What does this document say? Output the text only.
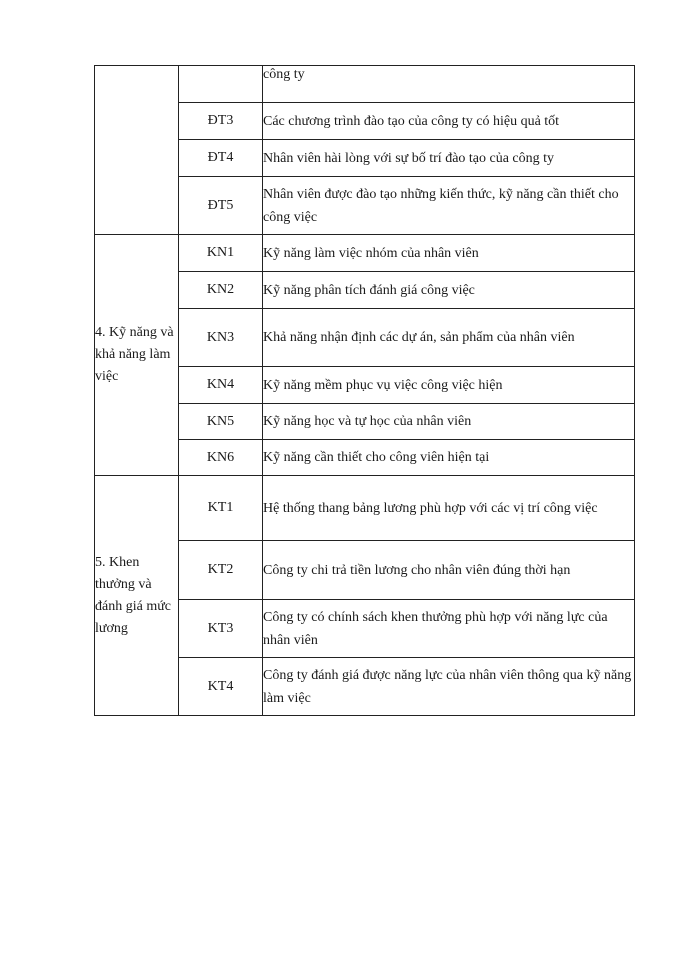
		công ty
	ĐT3	Các chương trình đào tạo của công ty có hiệu quả tốt
	ĐT4	Nhân viên hài lòng với sự bố trí đào tạo của công ty
	ĐT5	Nhân viên được đào tạo những kiến thức, kỹ năng cần thiết cho công việc
4. Kỹ năng và khả năng làm việc	KN1	Kỹ năng làm việc nhóm của nhân viên
	KN2	Kỹ năng phân tích đánh giá công việc
	KN3	Khả năng nhận định các dự án, sản phẩm của nhân viên
	KN4	Kỹ năng mềm phục vụ việc công việc hiện
	KN5	Kỹ năng học và tự học của nhân viên
	KN6	Kỹ năng cần thiết cho công viên hiện tại
5. Khen thưởng và đánh giá mức lương	KT1	Hệ thống thang bảng lương phù hợp với các vị trí công việc
	KT2	Công ty chi trả tiền lương cho nhân viên đúng thời hạn
	KT3	Công ty có chính sách khen thưởng phù hợp với năng lực của nhân viên
	KT4	Công ty đánh giá được năng lực của nhân viên thông qua kỹ năng làm việc
